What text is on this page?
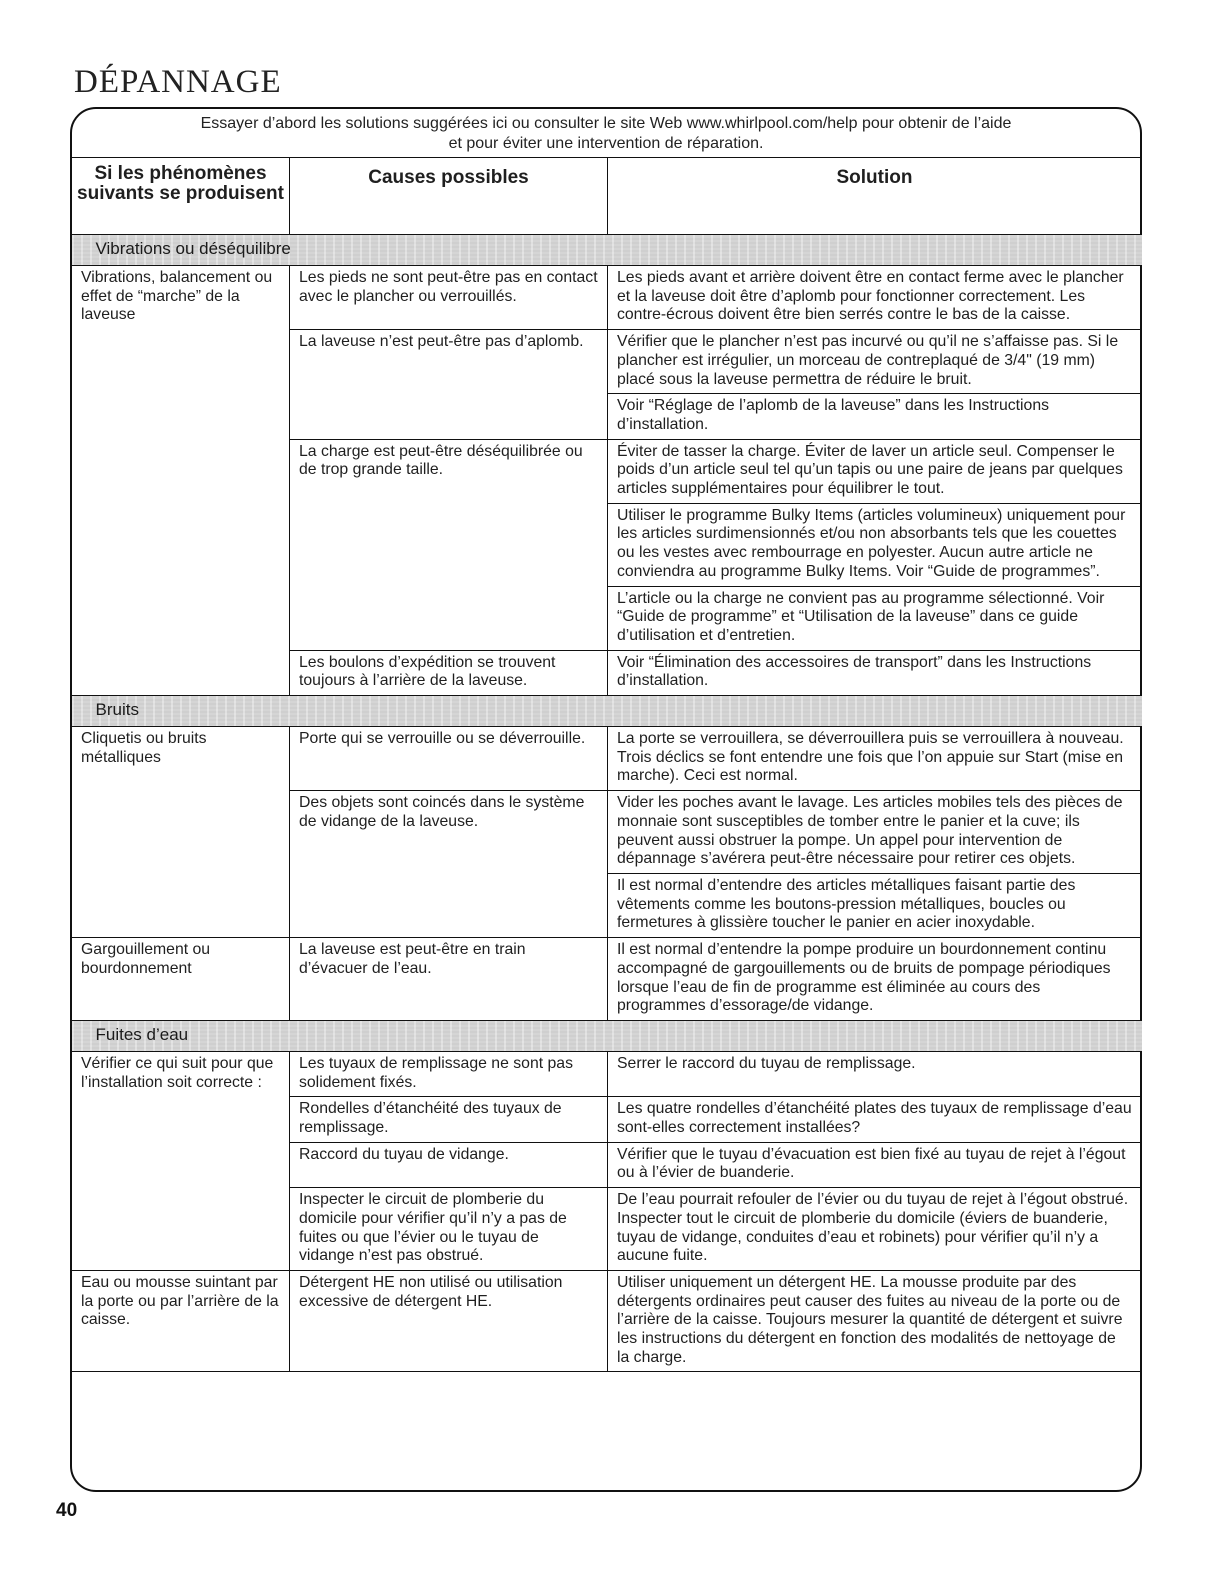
DÉPANNAGE
Essayer d’abord les solutions suggérées ici ou consulter le site Web www.whirlpool.com/help pour obtenir de l’aide
et pour éviter une intervention de réparation.
Si les phénomènes suivants se produisent	Causes possibles	Solution
Vibrations ou déséquilibre		
Vibrations, balancement ou effet de “marche” de la laveuse	Les pieds ne sont peut-être pas en contact avec le plancher ou verrouillés.	Les pieds avant et arrière doivent être en contact ferme avec le plancher et la laveuse doit être d’aplomb pour fonctionner correctement. Les contre-écrous doivent être bien serrés contre le bas de la caisse.
	La laveuse n’est peut-être pas d’aplomb.	Vérifier que le plancher n’est pas incurvé ou qu’il ne s’affaisse pas. Si le plancher est irrégulier, un morceau de contreplaqué de 3/4" (19 mm) placé sous la laveuse permettra de réduire le bruit.
		Voir “Réglage de l’aplomb de la laveuse” dans les Instructions d’installation.
	La charge est peut-être déséquilibrée ou de trop grande taille.	Éviter de tasser la charge. Éviter de laver un article seul. Compenser le poids d’un article seul tel qu’un tapis ou une paire de jeans par quelques articles supplémentaires pour équilibrer le tout.
		Utiliser le programme Bulky Items (articles volumineux) uniquement pour les articles surdimensionnés et/ou non absorbants tels que les couettes ou les vestes avec rembourrage en polyester. Aucun autre article ne conviendra au programme Bulky Items. Voir “Guide de programmes”.
		L’article ou la charge ne convient pas au programme sélectionné. Voir “Guide de programme” et “Utilisation de la laveuse” dans ce guide d’utilisation et d’entretien.
	Les boulons d’expédition se trouvent toujours à l’arrière de la laveuse.	Voir “Élimination des accessoires de transport” dans les Instructions d’installation.
Bruits		
Cliquetis ou bruits métalliques	Porte qui se verrouille ou se déverrouille.	La porte se verrouillera, se déverrouillera puis se verrouillera à nouveau. Trois déclics se font entendre une fois que l’on appuie sur Start (mise en marche). Ceci est normal.
	Des objets sont coincés dans le système de vidange de la laveuse.	Vider les poches avant le lavage. Les articles mobiles tels des pièces de monnaie sont susceptibles de tomber entre le panier et la cuve; ils peuvent aussi obstruer la pompe. Un appel pour intervention de dépannage s’avérera peut-être nécessaire pour retirer ces objets.
		Il est normal d’entendre des articles métalliques faisant partie des vêtements comme les boutons-pression métalliques, boucles ou fermetures à glissière toucher le panier en acier inoxydable.
Gargouillement ou bourdonnement	La laveuse est peut-être en train d’évacuer de l’eau.	Il est normal d’entendre la pompe produire un bourdonnement continu accompagné de gargouillements ou de bruits de pompage périodiques lorsque l’eau de fin de programme est éliminée au cours des programmes d’essorage/de vidange.
Fuites d’eau		
Vérifier ce qui suit pour que l’installation soit correcte :	Les tuyaux de remplissage ne sont pas solidement fixés.	Serrer le raccord du tuyau de remplissage.
	Rondelles d’étanchéité des tuyaux de remplissage.	Les quatre rondelles d’étanchéité plates des tuyaux de remplissage d’eau sont-elles correctement installées?
	Raccord du tuyau de vidange.	Vérifier que le tuyau d’évacuation est bien fixé au tuyau de rejet à l’égout ou à l’évier de buanderie.
	Inspecter le circuit de plomberie du domicile pour vérifier qu’il n’y a pas de fuites ou que l’évier ou le tuyau de vidange n’est pas obstrué.	De l’eau pourrait refouler de l’évier ou du tuyau de rejet à l’égout obstrué. Inspecter tout le circuit de plomberie du domicile (éviers de buanderie, tuyau de vidange, conduites d’eau et robinets) pour vérifier qu’il n’y a aucune fuite.
Eau ou mousse suintant par la porte ou par l’arrière de la caisse.	Détergent HE non utilisé ou utilisation excessive de détergent HE.	Utiliser uniquement un détergent HE. La mousse produite par des détergents ordinaires peut causer des fuites au niveau de la porte ou de l’arrière de la caisse. Toujours mesurer la quantité de détergent et suivre les instructions du détergent en fonction des modalités de nettoyage de la charge.
40
